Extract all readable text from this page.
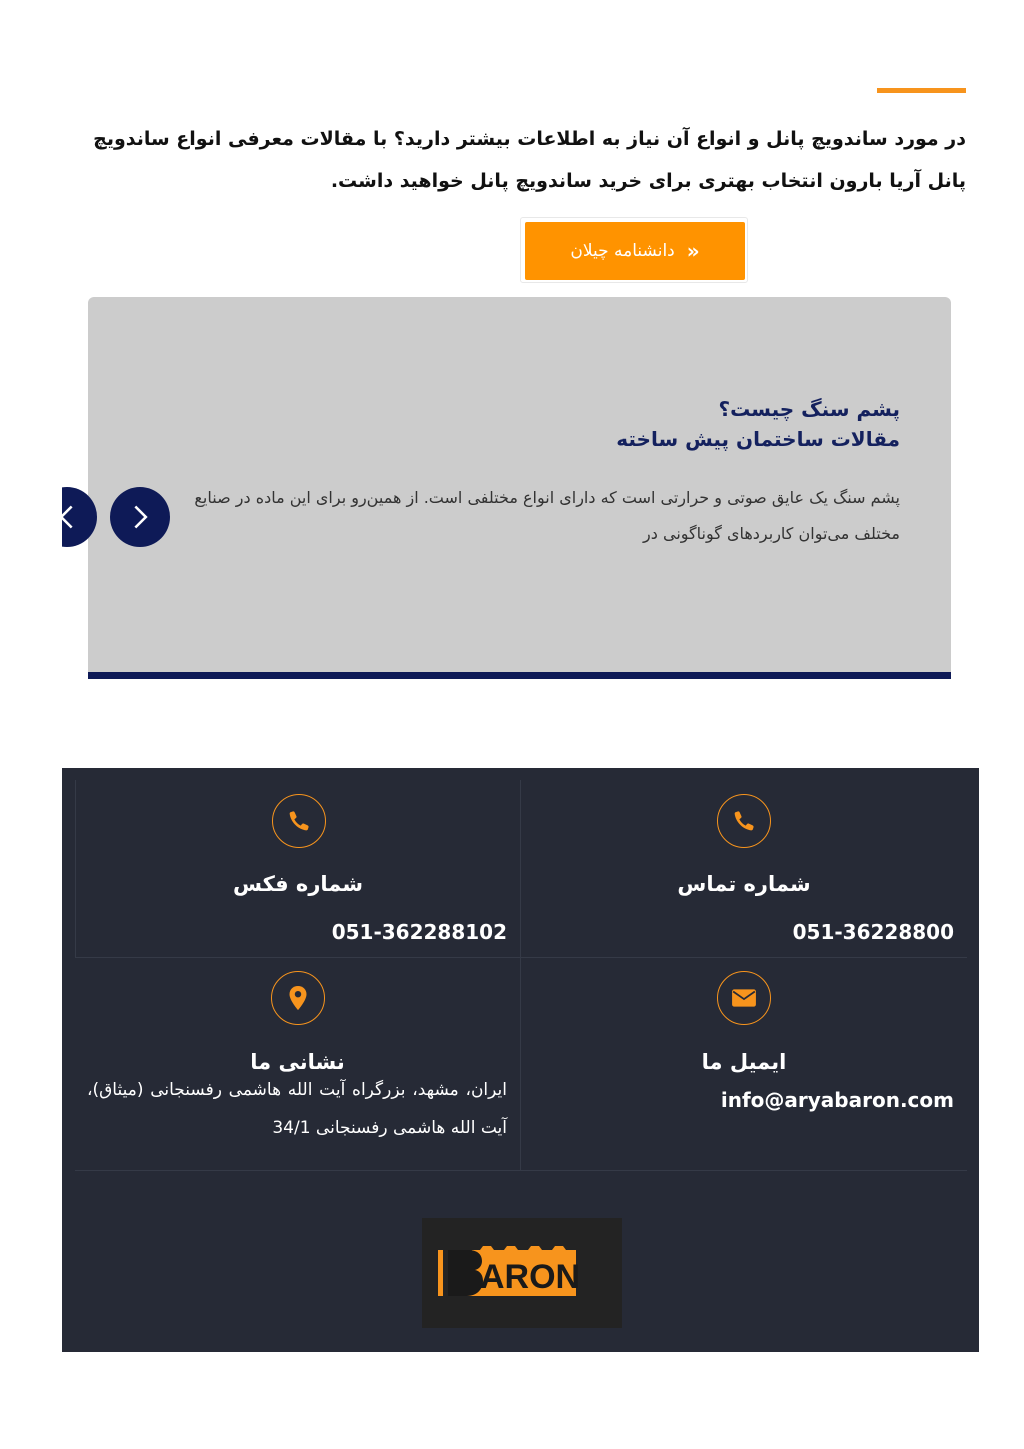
در مورد ساندویچ پانل و انواع آن نیاز به اطلاعات بیشتر دارید؟ با مقالات معرفی انواع ساندویچ پانل آریا بارون انتخاب بهتری برای خرید ساندویچ پانل خواهید داشت.

«
دانشنامه چیلان
پشم سنگ چیست؟
مقالات ساختمان پیش ساخته

پشم سنگ یک عایق صوتی و حرارتی است که دارای انواع مختلفی است. از همین‌رو برای این ماده در صنایع مختلف می‌توان کاربردهای گوناگونی در

شماره تماس
051-36228800
شماره فکس
051-362288102
ایمیل ما
info@aryabaron.com
نشانی ما

ایران، مشهد، بزرگراه آیت الله هاشمی رفسنجانی (میثاق)، آیت الله هاشمی رفسنجانی 34/1

ARON
